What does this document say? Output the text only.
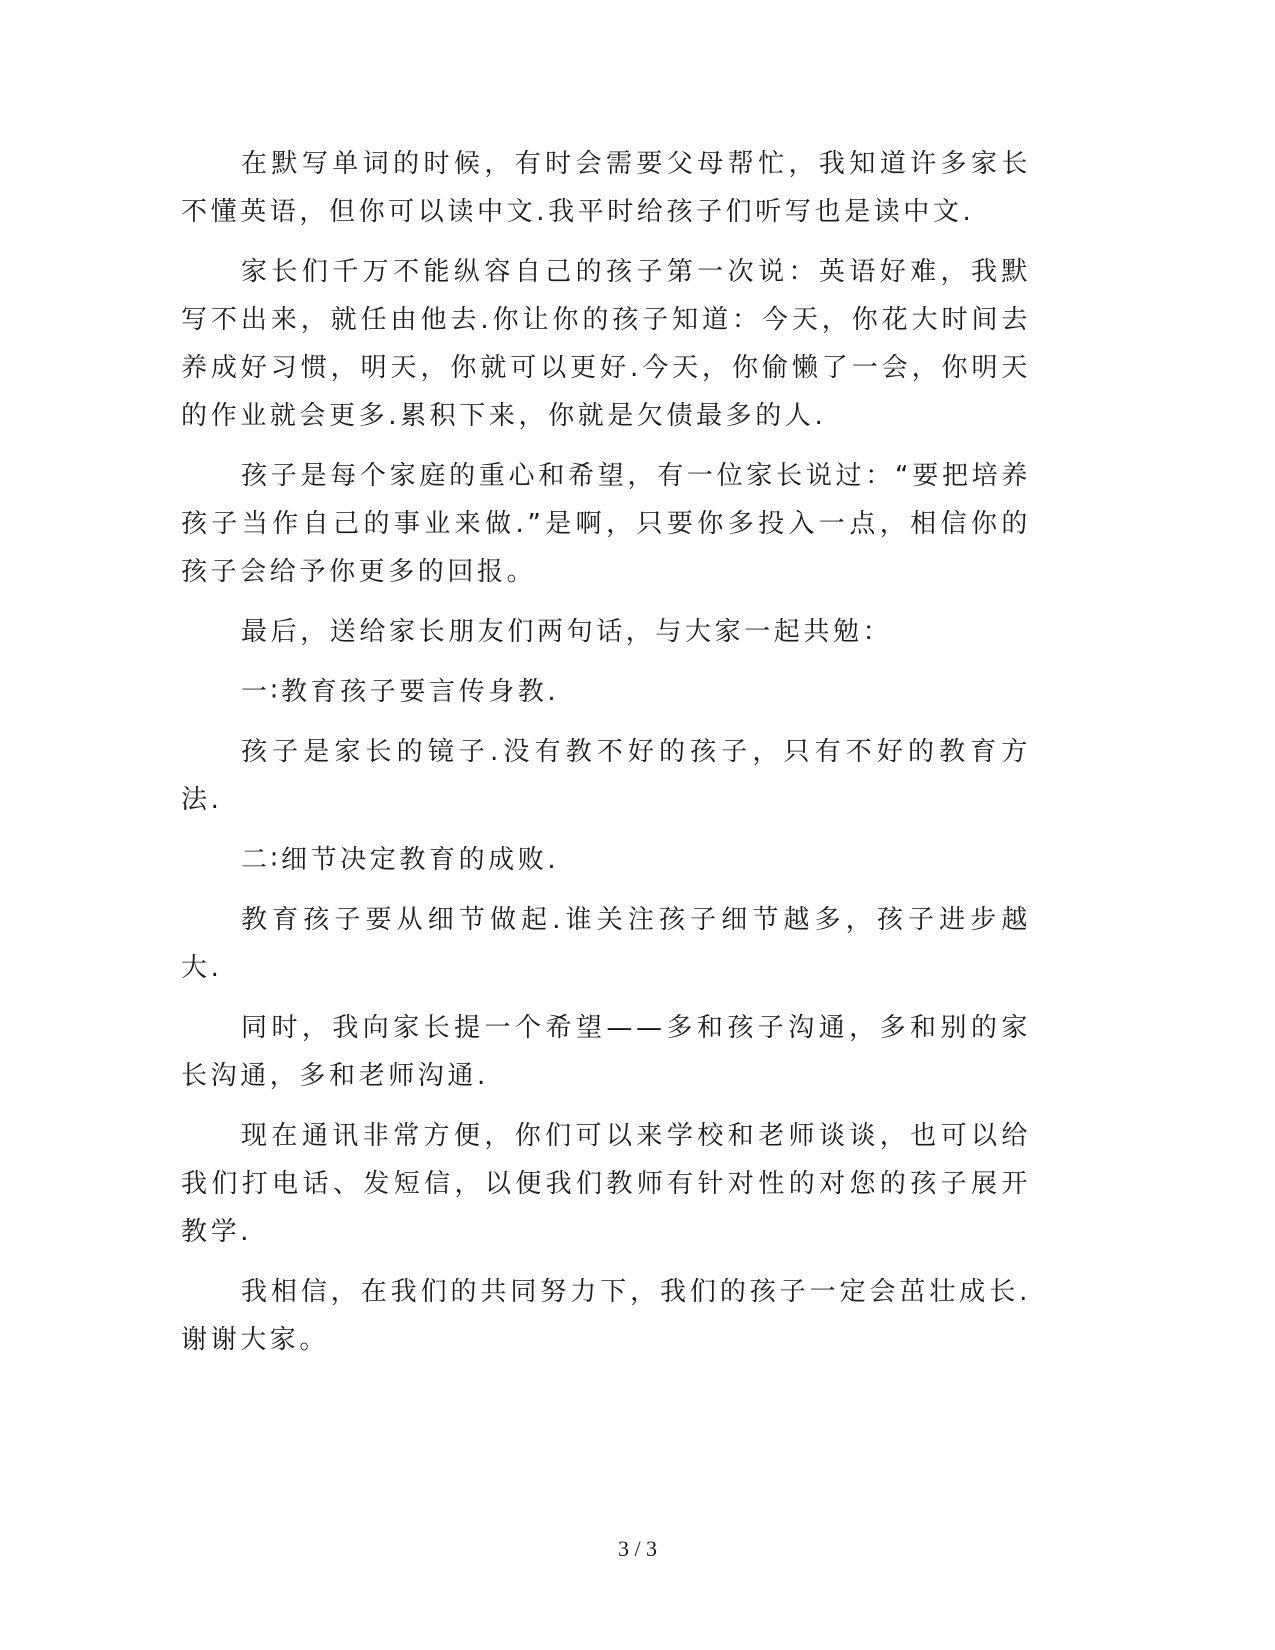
在默写单词的时候，有时会需要父母帮忙，我知道许多家长不懂英语，但你可以读中文.我平时给孩子们听写也是读中文.

家长们千万不能纵容自己的孩子第一次说：英语好难，我默写不出来，就任由他去.你让你的孩子知道：今天，你花大时间去养成好习惯，明天，你就可以更好.今天，你偷懒了一会，你明天的作业就会更多.累积下来，你就是欠债最多的人.

孩子是每个家庭的重心和希望，有一位家长说过：“要把培养孩子当作自己的事业来做.”是啊，只要你多投入一点，相信你的孩子会给予你更多的回报。

最后，送给家长朋友们两句话，与大家一起共勉：

一∶教育孩子要言传身教.

孩子是家长的镜子.没有教不好的孩子，只有不好的教育方法.

二∶细节决定教育的成败.

教育孩子要从细节做起.谁关注孩子细节越多，孩子进步越大.

同时，我向家长提一个希望——多和孩子沟通，多和别的家长沟通，多和老师沟通.

现在通讯非常方便，你们可以来学校和老师谈谈，也可以给我们打电话、发短信，以便我们教师有针对性的对您的孩子展开教学.

我相信，在我们的共同努力下，我们的孩子一定会茁壮成长.谢谢大家。

3 / 3
